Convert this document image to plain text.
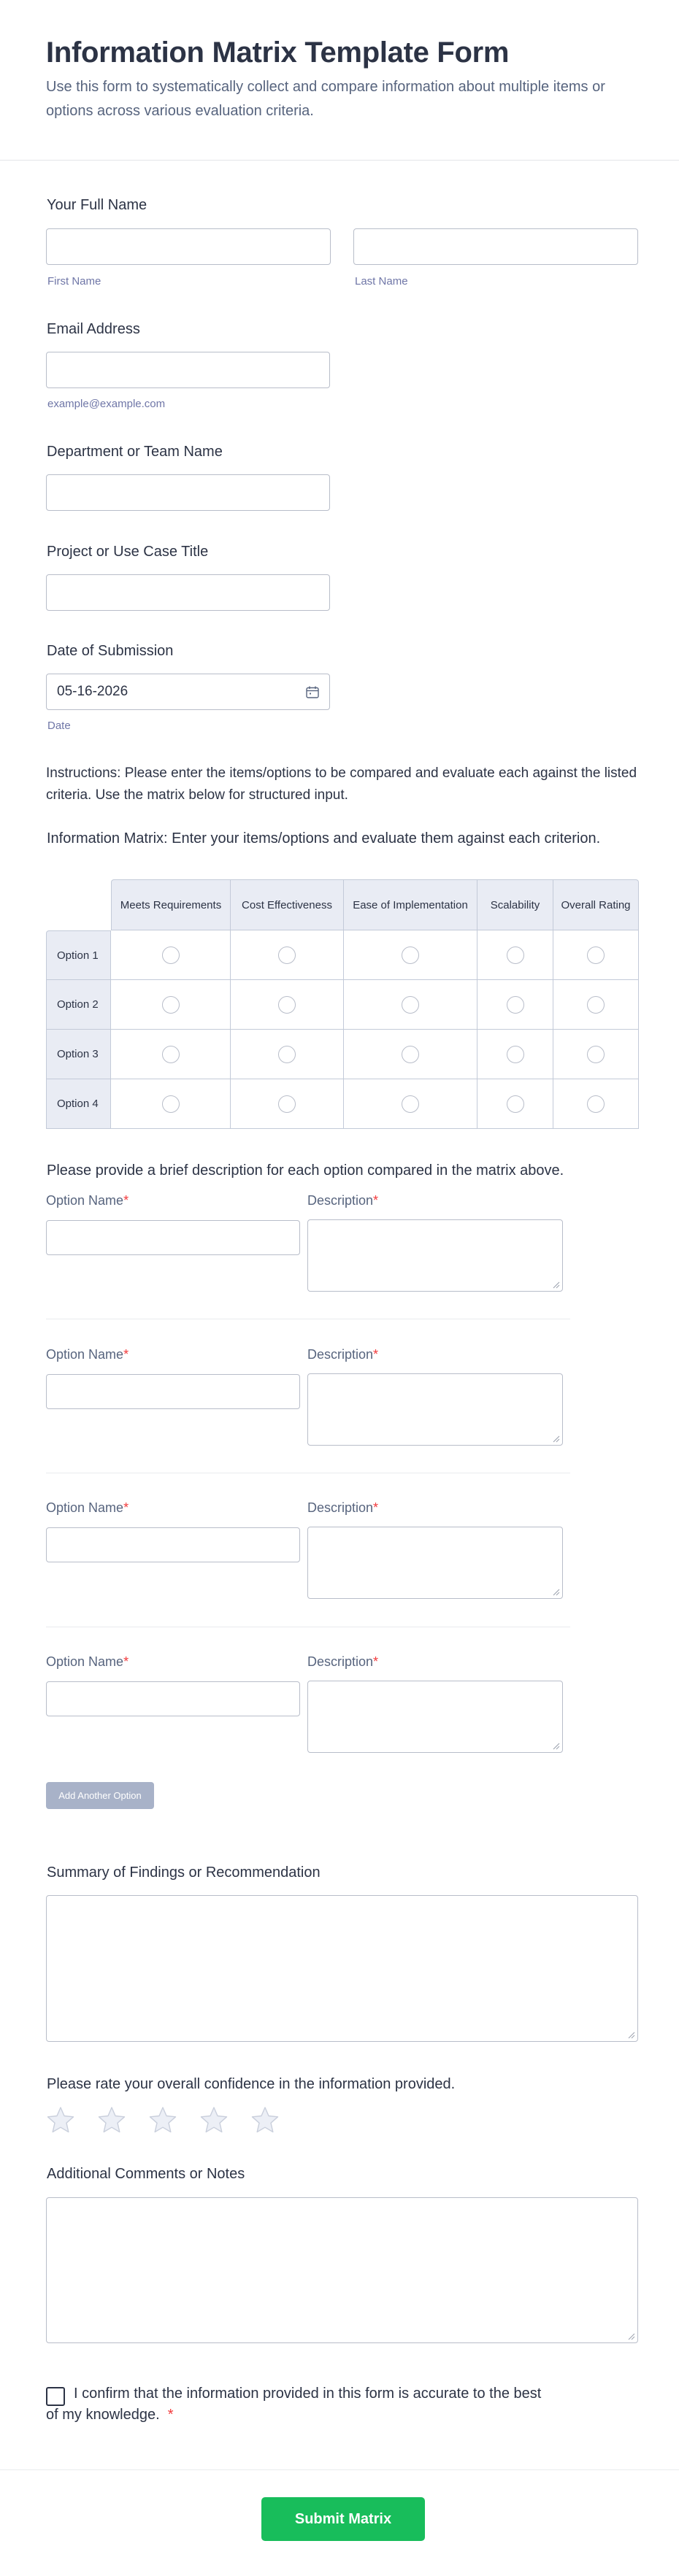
Information Matrix Template Form
Use this form to systematically collect and compare information about multiple items or options across various evaluation criteria.
Your Full Name
First Name	Last Name
Email Address
example@example.com
Department or Team Name
Project or Use Case Title
Date of Submission
05-16-2026
Date
Instructions: Please enter the items/options to be compared and evaluate each against the listed criteria. Use the matrix below for structured input.
Information Matrix: Enter your items/options and evaluate them against each criterion.
	Meets Requirements	Cost Effectiveness	Ease of Implementation	Scalability	Overall Rating
Option 1					
Option 2					
Option 3					
Option 4					
Please provide a brief description for each option compared in the matrix above.
Option Name*	Description*
Option Name*	Description*
Option Name*	Description*
Option Name*	Description*
Add Another Option
Summary of Findings or Recommendation
Please rate your overall confidence in the information provided.
Additional Comments or Notes
I confirm that the information provided in this form is accurate to the best of my knowledge. *
Submit Matrix
